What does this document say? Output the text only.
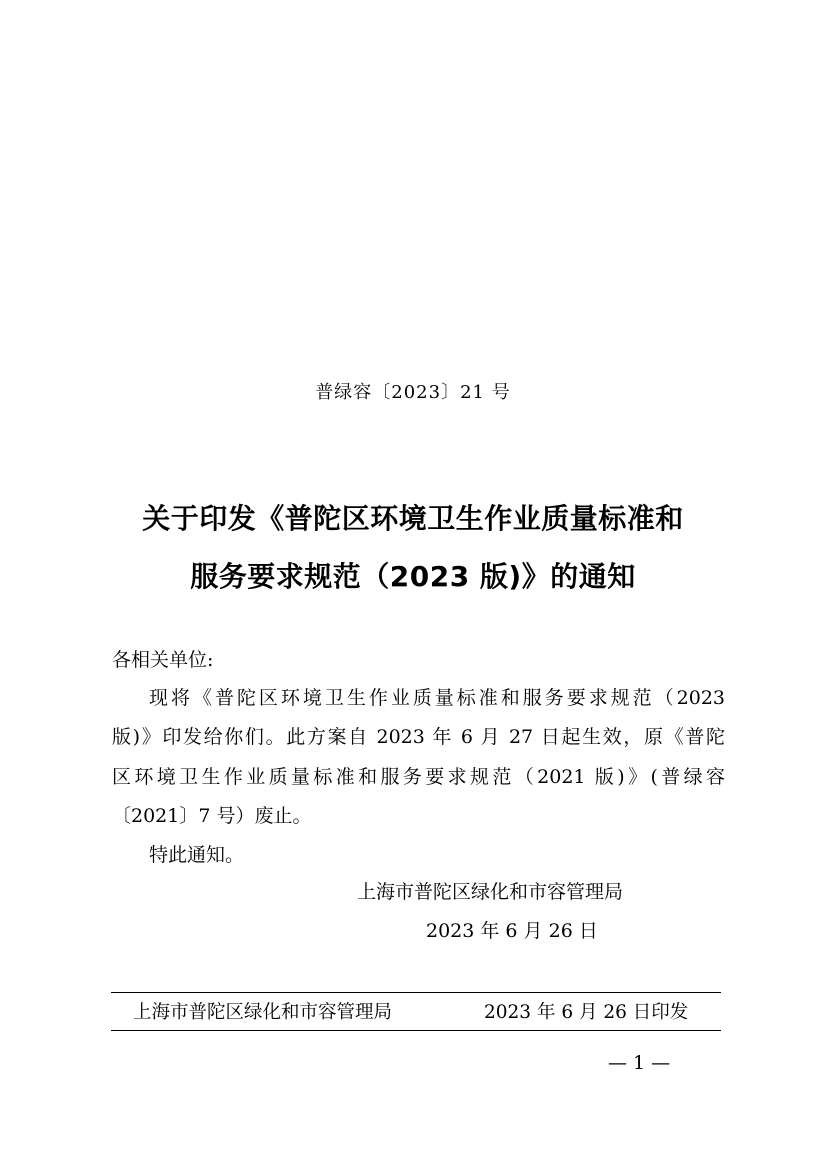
普绿容〔2023〕21 号
关于印发《普陀区环境卫生作业质量标准和
服务要求规范（2023 版)》的通知
各相关单位:
现将《普陀区环境卫生作业质量标准和服务要求规范（2023
版)》印发给你们。此方案自 2023 年 6 月 27 日起生效，原《普陀
区环境卫生作业质量标准和服务要求规范（2021 版)》(普绿容
〔2021〕7 号）废止。
特此通知。
上海市普陀区绿化和市容管理局
2023 年 6 月 26 日
上海市普陀区绿化和市容管理局	2023 年 6 月 26 日印发
— 1 —
